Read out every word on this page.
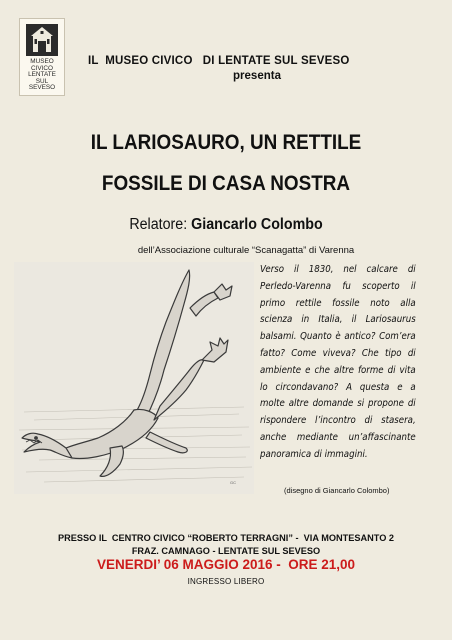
MUSEO
CIVICO
LENTATE
SUL
SEVESO
IL  MUSEO CIVICO   DI LENTATE SUL SEVESO
presenta
IL LARIOSAURO, UN RETTILE
FOSSILE DI CASA NOSTRA
Relatore: Giancarlo Colombo
dell’Associazione culturale “Scanagatta” di Varenna
GC
Verso il 1830, nel calcare di Perledo-Varenna fu scoperto il primo rettile fossile noto alla scienza in Italia, il Lariosaurus balsami. Quanto è antico? Com’era fatto? Come viveva? Che tipo di ambiente e che altre forme di vita lo circondavano? A questa e a molte altre domande si propone di rispondere l’incontro di stasera, anche mediante un’affascinante panoramica di immagini.
(disegno di Giancarlo Colombo)
PRESSO IL  CENTRO CIVICO “ROBERTO TERRAGNI” -  VIA MONTESANTO 2
FRAZ. CAMNAGO - LENTATE SUL SEVESO
VENERDI’ 06 MAGGIO 2016 -  ORE 21,00
INGRESSO LIBERO
